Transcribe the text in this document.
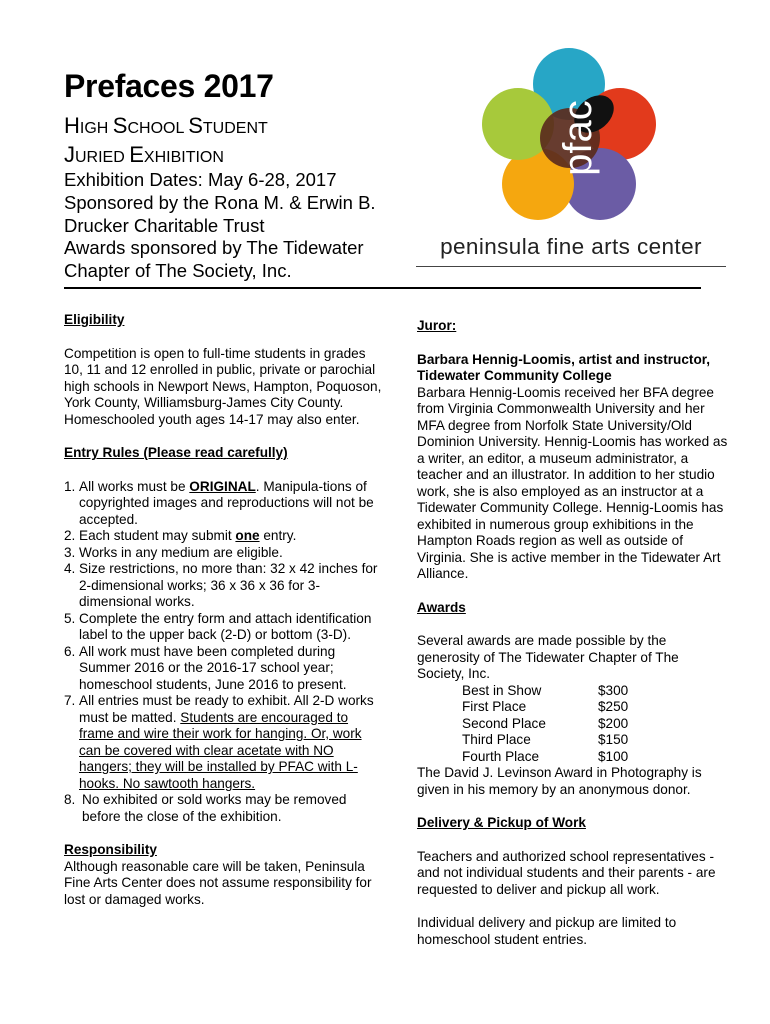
Prefaces 2017
HIGH SCHOOL STUDENT
JURIED EXHIBITION
Exhibition Dates: May 6-28, 2017
Sponsored by the Rona M. & Erwin B. Drucker Charitable Trust
Awards sponsored by The Tidewater Chapter of The Society, Inc.
pfac
peninsula fine arts center
Eligibility
Competition is open to full-time students in grades 10, 11 and 12 enrolled in public, private or parochial high schools in Newport News, Hampton, Poquoson, York County, Williamsburg-James City County. Homeschooled youth ages 14-17 may also enter.
Entry Rules (Please read carefully)
1. All works must be ORIGINAL. Manipula-tions of copyrighted images and reproductions will not be accepted.
2. Each student may submit one entry.
3. Works in any medium are eligible.
4. Size restrictions, no more than: 32 x 42 inches for 2-dimensional works; 36 x 36 x 36 for 3-dimensional works.
5. Complete the entry form and attach identification label to the upper back (2-D) or bottom (3-D).
6. All work must have been completed during Summer 2016 or the 2016-17 school year; homeschool students, June 2016 to present.
7. All entries must be ready to exhibit. All 2-D works must be matted. Students are encouraged to frame and wire their work for hanging. Or, work can be covered with clear acetate with NO hangers; they will be installed by PFAC with L-hooks. No sawtooth hangers.
8. No exhibited or sold works may be removed before the close of the exhibition.
Responsibility
Although reasonable care will be taken, Peninsula Fine Arts Center does not assume responsibility for lost or damaged works.
Juror:
Barbara Hennig-Loomis, artist and instructor, Tidewater Community College
Barbara Hennig-Loomis received her BFA degree from Virginia Commonwealth University and her MFA degree from Norfolk State University/Old Dominion University. Hennig-Loomis has worked as a writer, an editor, a museum administrator, a teacher and an illustrator. In addition to her studio work, she is also employed as an instructor at a Tidewater Community College. Hennig-Loomis has exhibited in numerous group exhibitions in the Hampton Roads region as well as outside of Virginia. She is active member in the Tidewater Art Alliance.
Awards
Several awards are made possible by the generosity of The Tidewater Chapter of The Society, Inc.
Best in Show	$300
First Place	$250
Second Place	$200
Third Place	$150
Fourth Place	$100
The David J. Levinson Award in Photography is given in his memory by an anonymous donor.
Delivery & Pickup of Work
Teachers and authorized school representatives - and not individual students and their parents - are requested to deliver and pickup all work.
Individual delivery and pickup are limited to homeschool student entries.
